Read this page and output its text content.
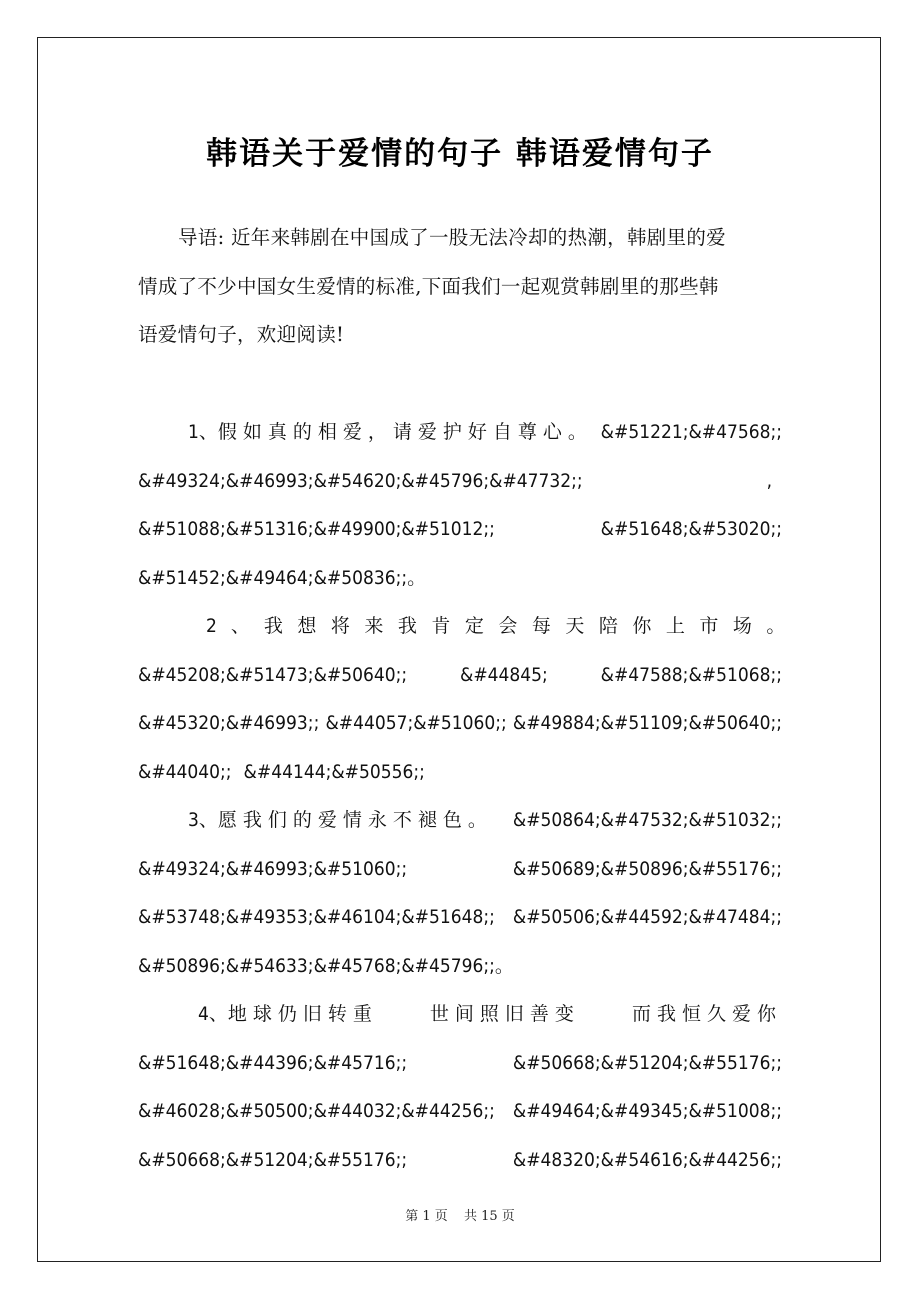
韩语关于爱情的句子 韩语爱情句子
导语: 近年来韩剧在中国成了一股无法冷却的热潮，韩剧里的爱
情成了不少中国女生爱情的标准,下面我们一起观赏韩剧里的那些韩
语爱情句子，欢迎阅读!
1、假如真的相爱，请爱护好自尊心。 &#51221;&#47568;;
&#49324;&#46993;&#54620;&#45796;&#47732;;	,
&#51088;&#51316;&#49900;&#51012;;	&#51648;&#53020;;
&#51452;&#49464;&#50836;;。
2、我想将来我肯定会每天陪你上市场。
&#45208;&#51473;&#50640;;	&#44845;	&#47588;&#51068;;
&#45320;&#46993;; &#44057;&#51060;; &#49884;&#51109;&#50640;;
&#44040;; &#44144;&#50556;;
3、愿我们的爱情永不褪色。 &#50864;&#47532;&#51032;;
&#49324;&#46993;&#51060;;	&#50689;&#50896;&#55176;;
&#53748;&#49353;&#46104;&#51648;; &#50506;&#44592;&#47484;;
&#50896;&#54633;&#45768;&#45796;;。
4、地球仍旧转重	世间照旧善变	而我恒久爱你
&#51648;&#44396;&#45716;;	&#50668;&#51204;&#55176;;
&#46028;&#50500;&#44032;&#44256;; &#49464;&#49345;&#51008;;
&#50668;&#51204;&#55176;;	&#48320;&#54616;&#44256;;
第 1 页 共 15 页
